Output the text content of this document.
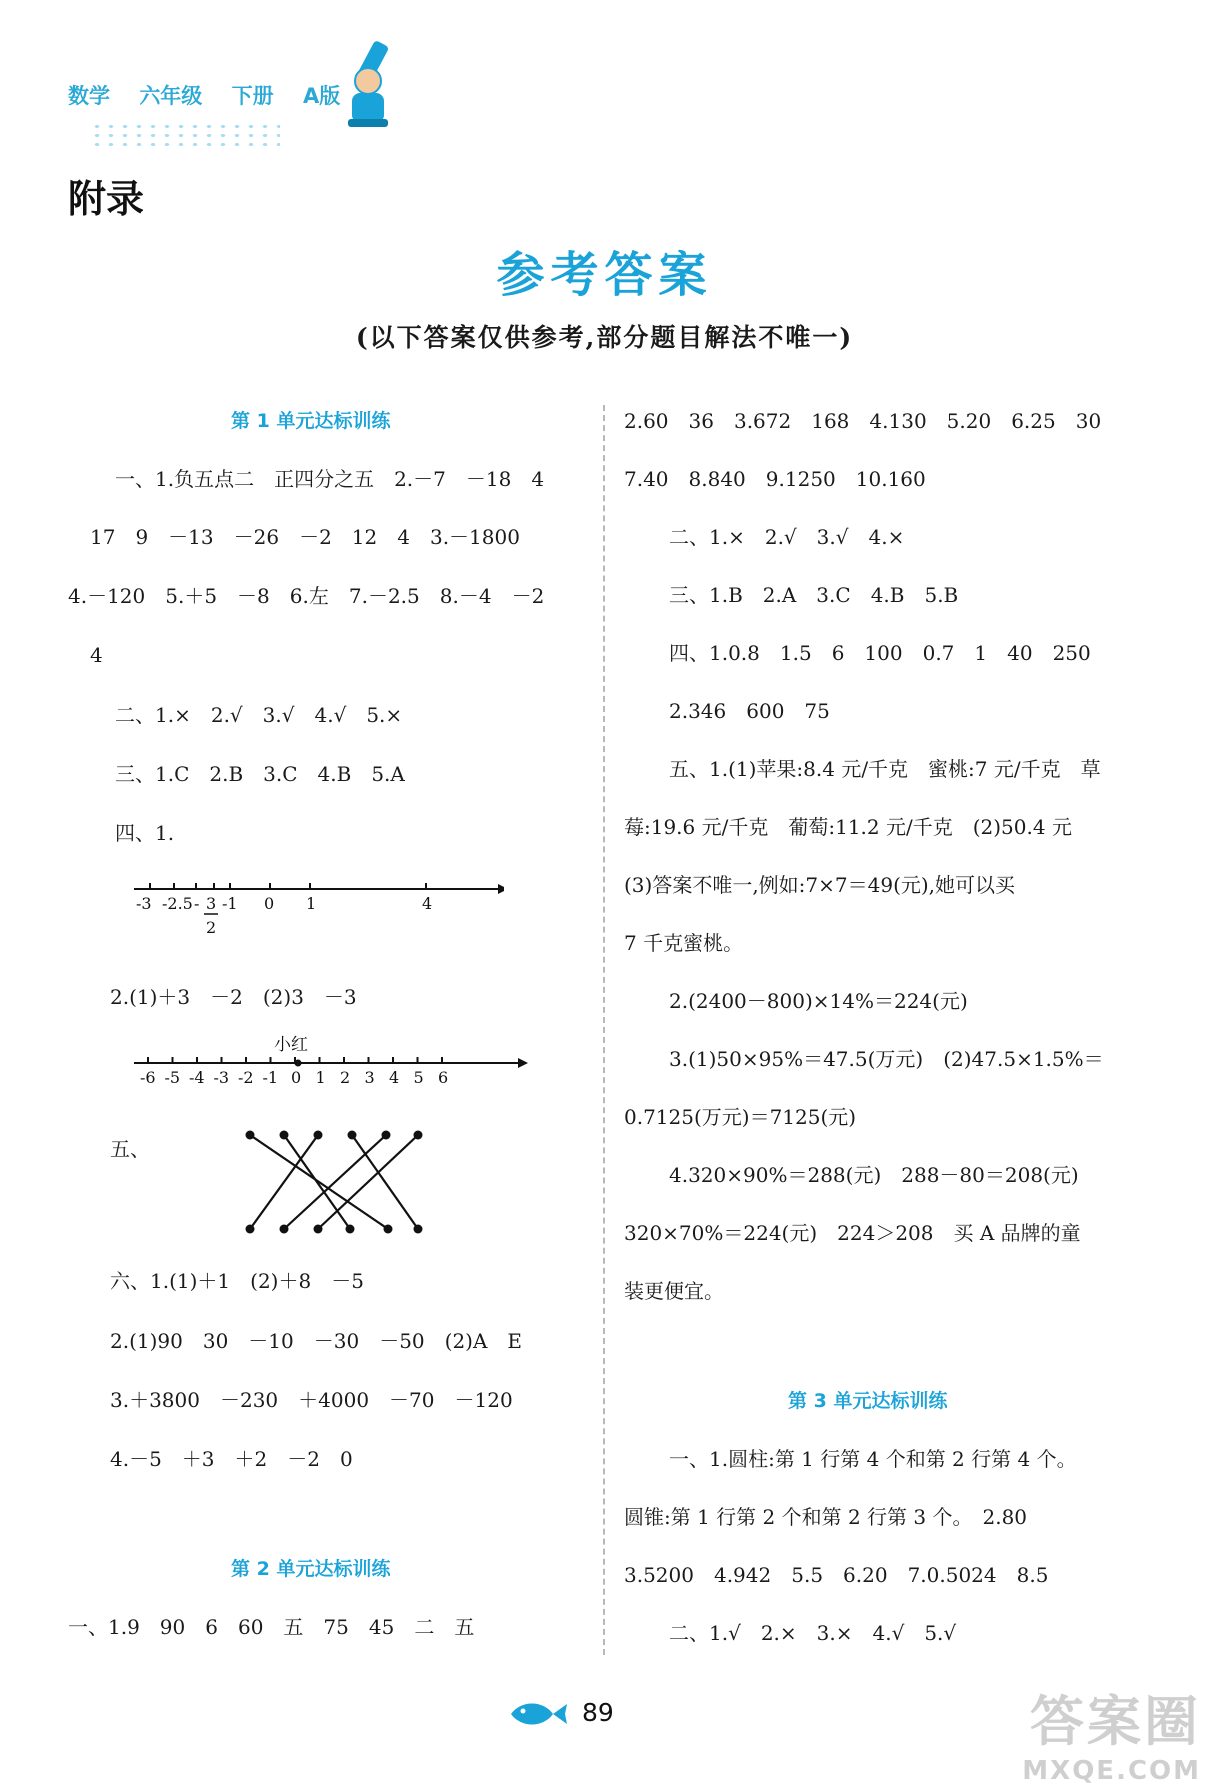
数学 六年级 下册 A版
附录
参考答案
(以下答案仅供参考,部分题目解法不唯一)
第 1 单元达标训练
一、1.负五点二　正四分之五　2.－7　－18　4
17　9　－13　－26　－2　12　4　3.－1800
4.－120　5.＋5　－8　6.左　7.－2.5　8.－4　－2
4
二、1.×　2.√　3.√　4.√　5.×
三、1.C　2.B　3.C　4.B　5.A
四、1.
-3 -2.5 - 3
2
-1 0 1	4
2.(1)＋3　－2　(2)3　－3
小红
-6 -5 -4 -3 -2 -1 0 1 2 3 4 5 6
五、
六、1.(1)＋1　(2)＋8　－5
2.(1)90　30　－10　－30　－50　(2)A　E
3.＋3800　－230　＋4000　－70　－120
4.－5　＋3　＋2　－2　0
第 2 单元达标训练
一、1.9　90　6　60　五　75　45　二　五
2.60　36　3.672　168　4.130　5.20　6.25　30
7.40　8.840　9.1250　10.160
二、1.×　2.√　3.√　4.×
三、1.B　2.A　3.C　4.B　5.B
四、1.0.8　1.5　6　100　0.7　1　40　250
2.346　600　75
五、1.(1)苹果:8.4 元/千克　蜜桃:7 元/千克　草
莓:19.6 元/千克　葡萄:11.2 元/千克　(2)50.4 元
(3)答案不唯一,例如:7×7＝49(元),她可以买
7 千克蜜桃。
2.(2400－800)×14%＝224(元)
3.(1)50×95%＝47.5(万元)　(2)47.5×1.5%＝
0.7125(万元)＝7125(元)
4.320×90%＝288(元)　288－80＝208(元)
320×70%＝224(元)　224＞208　买 A 品牌的童
装更便宜。
第 3 单元达标训练
一、1.圆柱:第 1 行第 4 个和第 2 行第 4 个。
圆锥:第 1 行第 2 个和第 2 行第 3 个。　2.80
3.5200　4.942　5.5　6.20　7.0.5024　8.5
二、1.√　2.×　3.×　4.√　5.√
89	答案圈
MXQE.COM
